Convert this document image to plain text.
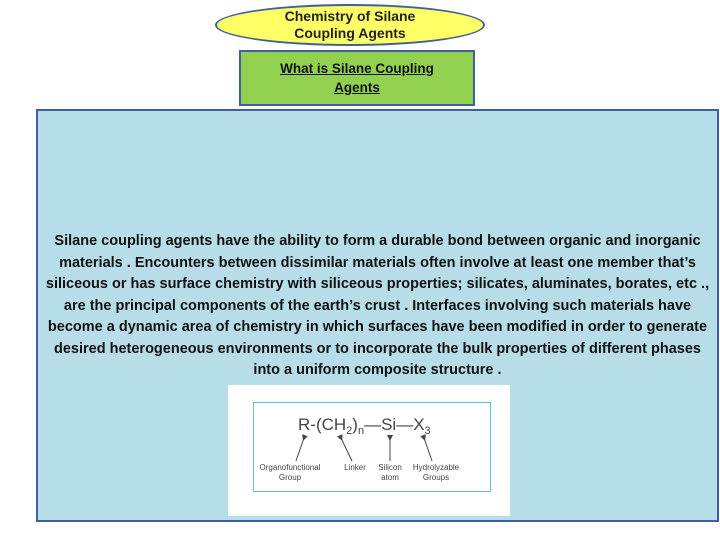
Chemistry of Silane
Coupling Agents
What is Silane Coupling
Agents

Silane coupling agents have the ability to form a durable bond between organic and inorganic materials . Encounters between dissimilar materials often involve at least one member that’s siliceous or has surface chemistry with siliceous properties; silicates, aluminates, borates, etc ., are the principal components of the earth’s crust . Interfaces involving such materials have become a dynamic area of chemistry in which surfaces have been modified in order to generate desired heterogeneous environments or to incorporate the bulk properties of different phases into a uniform composite structure .

$R-(CH_2)_n—Si—X_3$
Organofunctional
Group
Linker Silicon
atom
Hydrolyzable
Groups
